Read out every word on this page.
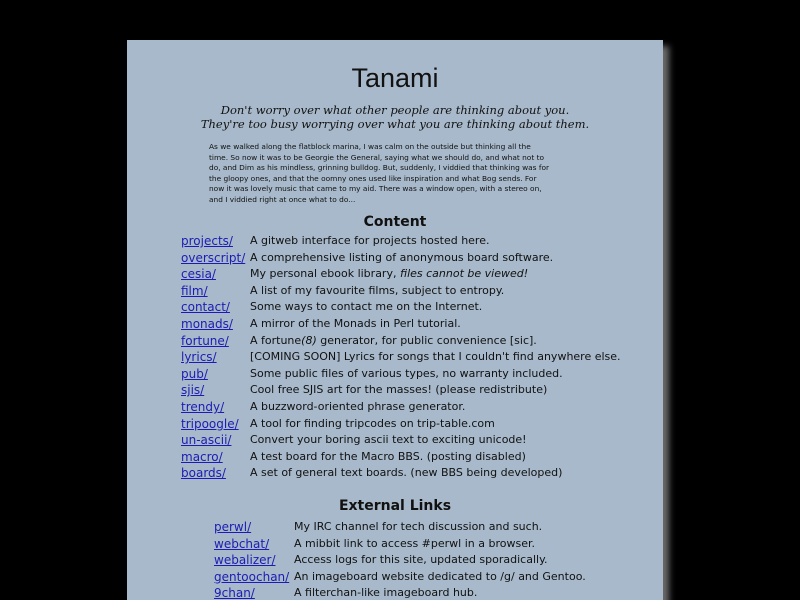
Tanami
Don't worry over what other people are thinking about you.
They're too busy worrying over what you are thinking about them.
As we walked along the flatblock marina, I was calm on the outside but thinking all the
time. So now it was to be Georgie the General, saying what we should do, and what not to
do, and Dim as his mindless, grinning bulldog. But, suddenly, I viddied that thinking was for
the gloopy ones, and that the oomny ones used like inspiration and what Bog sends. For
now it was lovely music that came to my aid. There was a window open, with a stereo on,
and I viddied right at once what to do...
Content
projects/ A gitweb interface for projects hosted here.
overscript/ A comprehensive listing of anonymous board software.
cesia/	My personal ebook library, files cannot be viewed!
film/	A list of my favourite films, subject to entropy.
contact/ Some ways to contact me on the Internet.
monads/ A mirror of the Monads in Perl tutorial.
fortune/ A fortune(8) generator, for public convenience [sic].
lyrics/	[COMING SOON] Lyrics for songs that I couldn't find anywhere else.
pub/	Some public files of various types, no warranty included.
sjis/	Cool free SJIS art for the masses! (please redistribute)
trendy/ A buzzword-oriented phrase generator.
tripoogle/ A tool for finding tripcodes on trip-table.com
un-ascii/ Convert your boring ascii text to exciting unicode!
macro/ A test board for the Macro BBS. (posting disabled)
boards/ A set of general text boards. (new BBS being developed)
External Links
perwl/	My IRC channel for tech discussion and such.
webchat/ A mibbit link to access #perwl in a browser.
webalizer/ Access logs for this site, updated sporadically.
gentoochan/ An imageboard website dedicated to /g/ and Gentoo.
9chan/	A filterchan-like imageboard hub.
